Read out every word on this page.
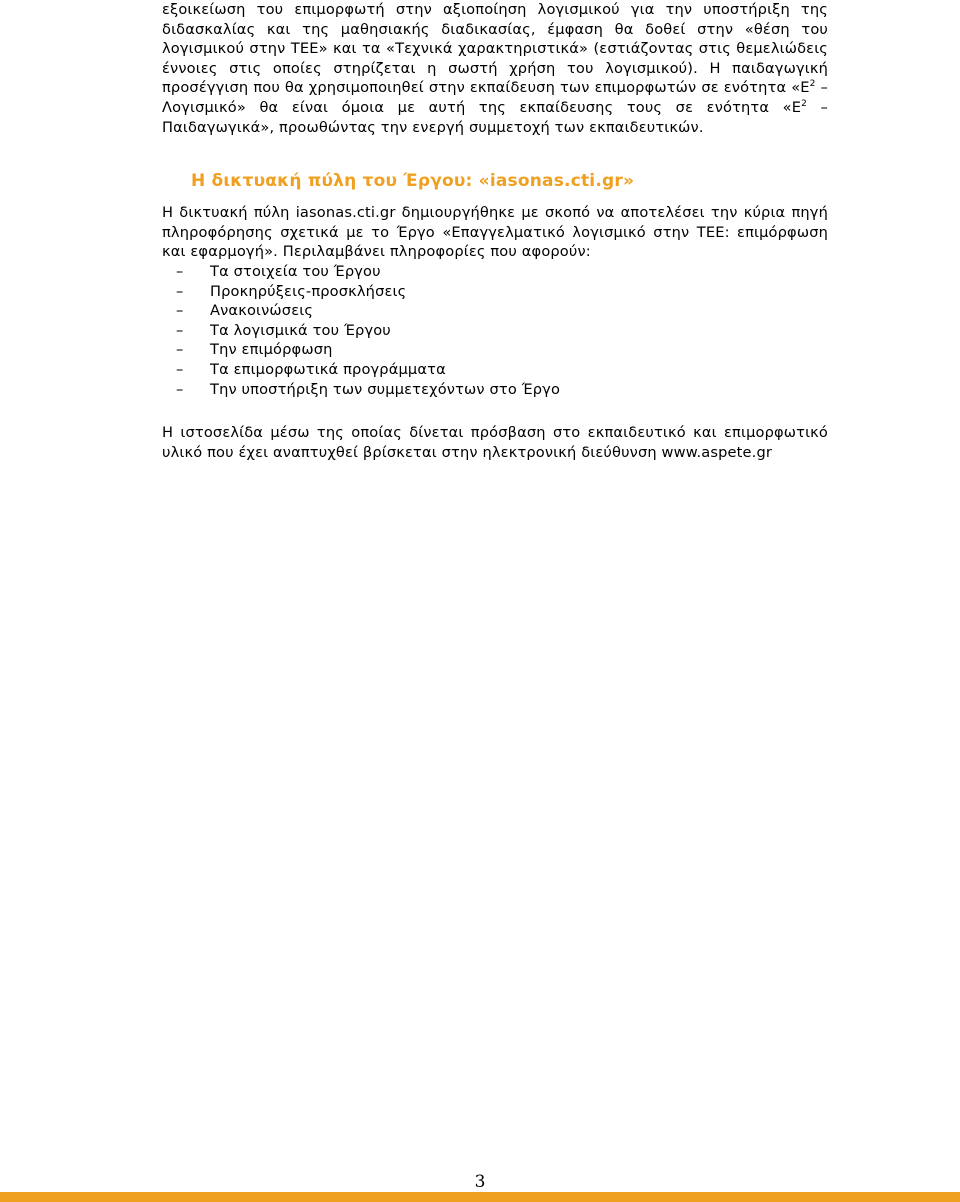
εξοικείωση του επιμορφωτή στην αξιοποίηση λογισμικού για την υποστήριξη της διδασκαλίας και της μαθησιακής διαδικασίας, έμφαση θα δοθεί στην «θέση του λογισμικού στην ΤΕΕ» και τα «Τεχνικά χαρακτηριστικά» (εστιάζοντας στις θεμελιώδεις έννοιες στις οποίες στηρίζεται η σωστή χρήση του λογισμικού). Η παιδαγωγική προσέγγιση που θα χρησιμοποιηθεί στην εκπαίδευση των επιμορφωτών σε ενότητα «$E^2$ – Λογισμικό» θα είναι όμοια με αυτή της εκπαίδευσης τους σε ενότητα «$E^2$ – Παιδαγωγικά», προωθώντας την ενεργή συμμετοχή των εκπαιδευτικών.

Η δικτυακή πύλη του Έργου: «iasonas.cti.gr»

Η δικτυακή πύλη iasonas.cti.gr δημιουργήθηκε με σκοπό να αποτελέσει την κύρια πηγή πληροφόρησης σχετικά με το Έργο «Επαγγελματικό λογισμικό στην ΤΕΕ: επιμόρφωση και εφαρμογή». Περιλαμβάνει πληροφορίες που αφορούν:

–	Τα στοιχεία του Έργου
–	Προκηρύξεις-προσκλήσεις
–	Ανακοινώσεις
–	Τα λογισμικά του Έργου
–	Την επιμόρφωση
–	Τα επιμορφωτικά προγράμματα
–	Την υποστήριξη των συμμετεχόντων στο Έργο

Η ιστοσελίδα μέσω της οποίας δίνεται πρόσβαση στο εκπαιδευτικό και επιμορφωτικό υλικό που έχει αναπτυχθεί βρίσκεται στην ηλεκτρονική διεύθυνση www.aspete.gr

3
